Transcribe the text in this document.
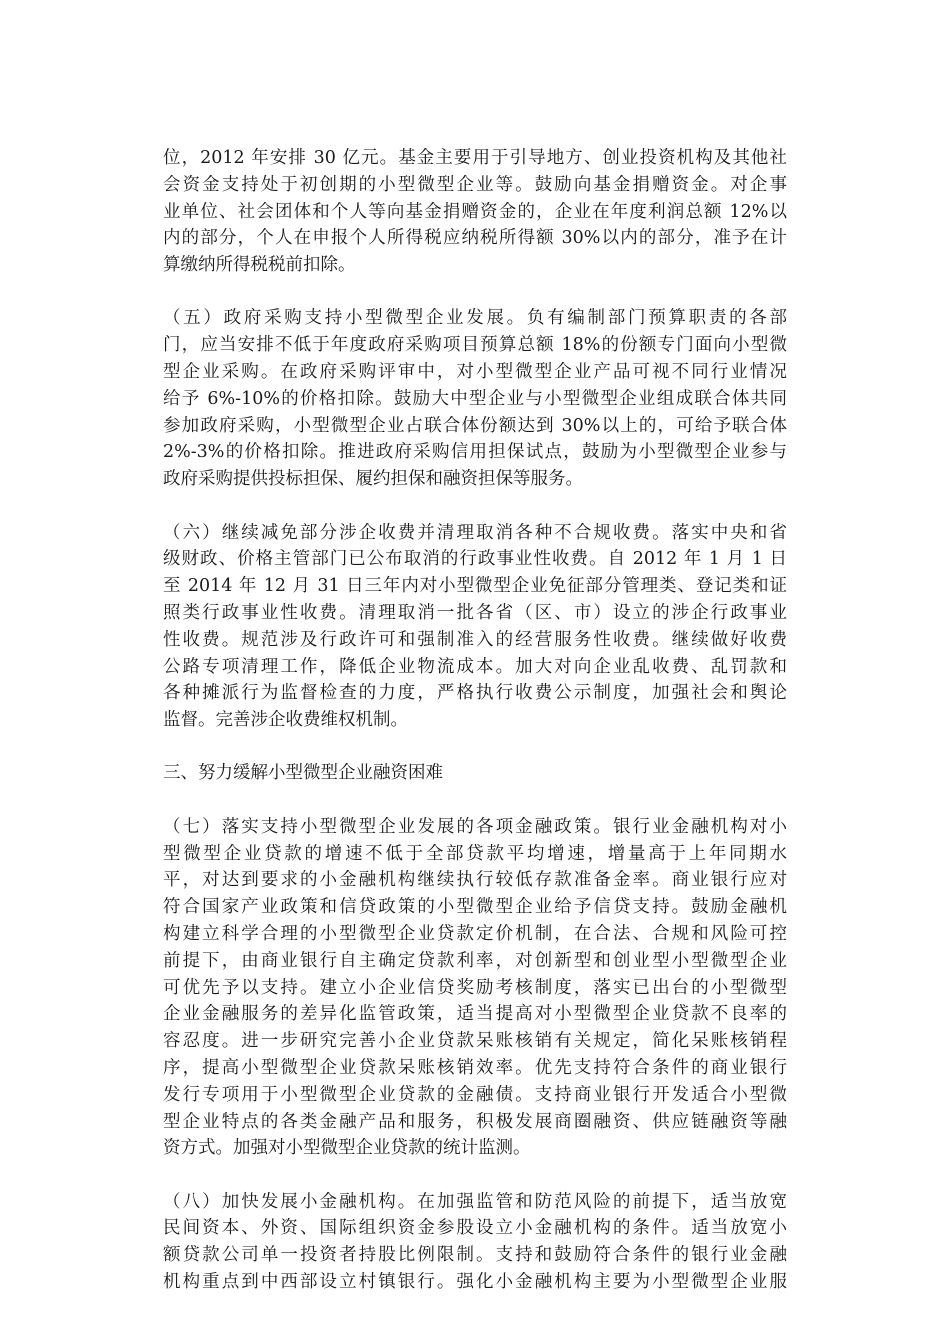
位，2012 年安排 30 亿元。基金主要用于引导地方、创业投资机构及其他社
会资金支持处于初创期的小型微型企业等。鼓励向基金捐赠资金。对企事
业单位、社会团体和个人等向基金捐赠资金的，企业在年度利润总额 12%以
内的部分，个人在申报个人所得税应纳税所得额 30%以内的部分，准予在计
算缴纳所得税税前扣除。
（五）政府采购支持小型微型企业发展。负有编制部门预算职责的各部
门，应当安排不低于年度政府采购项目预算总额 18%的份额专门面向小型微
型企业采购。在政府采购评审中，对小型微型企业产品可视不同行业情况
给予 6%-10%的价格扣除。鼓励大中型企业与小型微型企业组成联合体共同
参加政府采购，小型微型企业占联合体份额达到 30%以上的，可给予联合体
2%-3%的价格扣除。推进政府采购信用担保试点，鼓励为小型微型企业参与
政府采购提供投标担保、履约担保和融资担保等服务。
（六）继续减免部分涉企收费并清理取消各种不合规收费。落实中央和省
级财政、价格主管部门已公布取消的行政事业性收费。自 2012 年 1 月 1 日
至 2014 年 12 月 31 日三年内对小型微型企业免征部分管理类、登记类和证
照类行政事业性收费。清理取消一批各省（区、市）设立的涉企行政事业
性收费。规范涉及行政许可和强制准入的经营服务性收费。继续做好收费
公路专项清理工作，降低企业物流成本。加大对向企业乱收费、乱罚款和
各种摊派行为监督检查的力度，严格执行收费公示制度，加强社会和舆论
监督。完善涉企收费维权机制。
三、努力缓解小型微型企业融资困难
（七）落实支持小型微型企业发展的各项金融政策。银行业金融机构对小
型微型企业贷款的增速不低于全部贷款平均增速，增量高于上年同期水
平，对达到要求的小金融机构继续执行较低存款准备金率。商业银行应对
符合国家产业政策和信贷政策的小型微型企业给予信贷支持。鼓励金融机
构建立科学合理的小型微型企业贷款定价机制，在合法、合规和风险可控
前提下，由商业银行自主确定贷款利率，对创新型和创业型小型微型企业
可优先予以支持。建立小企业信贷奖励考核制度，落实已出台的小型微型
企业金融服务的差异化监管政策，适当提高对小型微型企业贷款不良率的
容忍度。进一步研究完善小企业贷款呆账核销有关规定，简化呆账核销程
序，提高小型微型企业贷款呆账核销效率。优先支持符合条件的商业银行
发行专项用于小型微型企业贷款的金融债。支持商业银行开发适合小型微
型企业特点的各类金融产品和服务，积极发展商圈融资、供应链融资等融
资方式。加强对小型微型企业贷款的统计监测。
（八）加快发展小金融机构。在加强监管和防范风险的前提下，适当放宽
民间资本、外资、国际组织资金参股设立小金融机构的条件。适当放宽小
额贷款公司单一投资者持股比例限制。支持和鼓励符合条件的银行业金融
机构重点到中西部设立村镇银行。强化小金融机构主要为小型微型企业服
